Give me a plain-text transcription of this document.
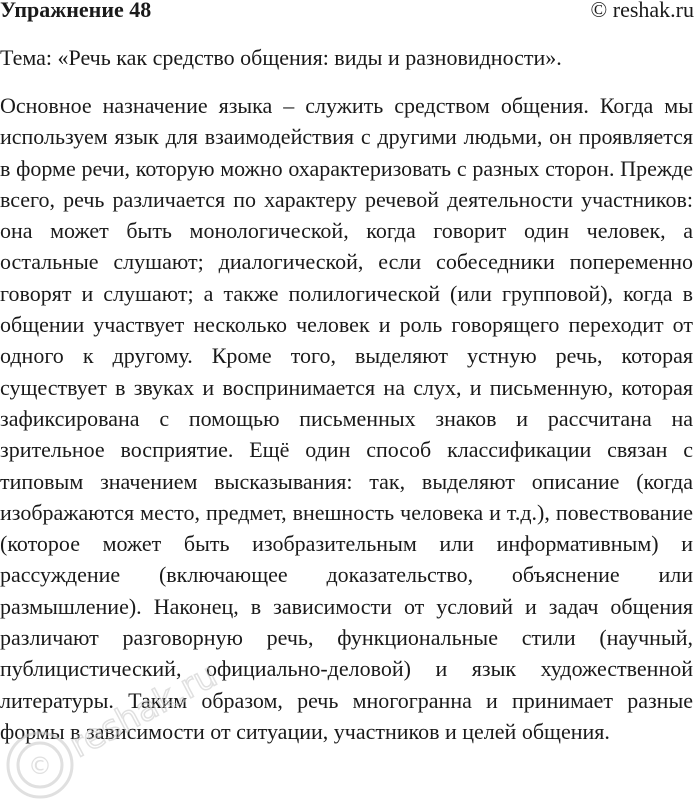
Упражнение 48	© reshak.ru
Тема: «Речь как средство общения: виды и разновидности».

Основное назначение языка – служить средством общения. Когда мы используем язык для взаимодействия с другими людьми, он проявляется в форме речи, которую можно охарактеризовать с разных сторон. Прежде всего, речь различается по характеру речевой деятельности участников: она может быть монологической, когда говорит один человек, а остальные слушают; диалогической, если собеседники попеременно говорят и слушают; а также полилогической (или групповой), когда в общении участвует несколько человек и роль говорящего переходит от одного к другому. Кроме того, выделяют устную речь, которая существует в звуках и воспринимается на слух, и письменную, которая зафиксирована с помощью письменных знаков и рассчитана на зрительное восприятие. Ещё один способ классификации связан с типовым значением высказывания: так, выделяют описание (когда изображаются место, предмет, внешность человека и т.д.), повествование (которое может быть изобразительным или информативным) и рассуждение (включающее доказательство, объяснение или размышление). Наконец, в зависимости от условий и задач общения различают разговорную речь, функциональные стили (научный, публицистический, официально-деловой) и язык художественной литературы. Таким образом, речь многогранна и принимает разные формы в зависимости от ситуации, участников и целей общения.

©
reshak.ru
